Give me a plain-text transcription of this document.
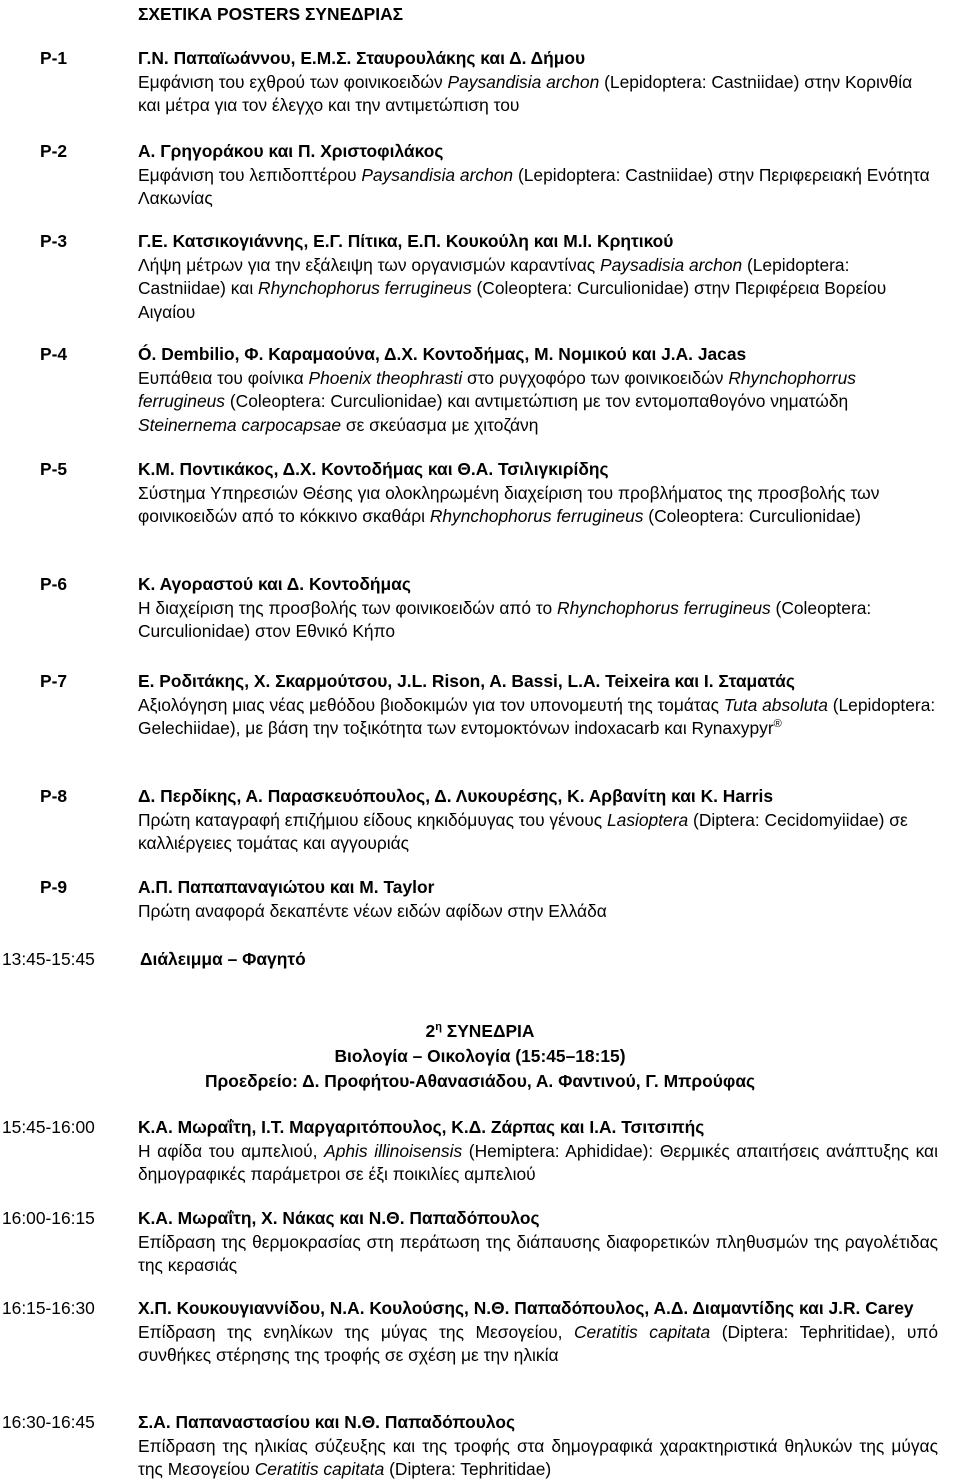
ΣΧΕΤΙΚΑ POSTERS ΣΥΝΕΔΡΙΑΣ
P-1	Γ.Ν. Παπαϊωάννου, Ε.Μ.Σ. Σταυρουλάκης και Δ. Δήμου
Εμφάνιση του εχθρού των φοινικοειδών Paysandisia archon (Lepidoptera: Castniidae) στην Κορινθία και μέτρα για τον έλεγχο και την αντιμετώπιση του
P-2	Α. Γρηγοράκου και Π. Χριστοφιλάκος
Εμφάνιση του λεπιδοπτέρου Paysandisia archon (Lepidoptera: Castniidae) στην Περιφερειακή Ενότητα Λακωνίας
P-3	Γ.Ε. Κατσικογιάννης, Ε.Γ. Πίτικα, Ε.Π. Κουκούλη και Μ.Ι. Κρητικού
Λήψη μέτρων για την εξάλειψη των οργανισμών καραντίνας Paysadisia archon (Lepidoptera: Castniidae) και Rhynchophorus ferrugineus (Coleoptera: Curculionidae) στην Περιφέρεια Βορείου Αιγαίου
P-4	Ó. Dembilio, Φ. Καραμαούνα, Δ.Χ. Κοντοδήμας, Μ. Νομικού και J.A. Jacas
Ευπάθεια του φοίνικα Phoenix theophrasti στο ρυγχοφόρο των φοινικοειδών Rhynchophorrus ferrugineus (Coleoptera: Curculionidae) και αντιμετώπιση με τον εντομοπαθογόνο νηματώδη Steinernema carpocapsae σε σκεύασμα με χιτοζάνη
P-5	Κ.Μ. Ποντικάκος, Δ.Χ. Κοντοδήμας και Θ.Α. Τσιλιγκιρίδης
Σύστημα Υπηρεσιών Θέσης για ολοκληρωμένη διαχείριση του προβλήματος της προσβολής των φοινικοειδών από το κόκκινο σκαθάρι Rhynchophorus ferrugineus (Coleoptera: Curculionidae)
P-6	Κ. Αγοραστού και Δ. Κοντοδήμας
Η διαχείριση της προσβολής των φοινικοειδών από το Rhynchophorus ferrugineus (Coleoptera: Curculionidae) στον Εθνικό Κήπο
P-7	Ε. Ροδιτάκης, Χ. Σκαρμούτσου, J.L. Rison, A. Bassi, L.A. Teixeira και Ι. Σταματάς
Αξιολόγηση μιας νέας μεθόδου βιοδοκιμών για τον υπονομευτή της τομάτας Tuta absoluta (Lepidoptera: Gelechiidae), με βάση την τοξικότητα των εντομοκτόνων indoxacarb και Rynaxypyr®
P-8	Δ. Περδίκης, Α. Παρασκευόπουλος, Δ. Λυκουρέσης, Κ. Αρβανίτη και K. Harris
Πρώτη καταγραφή επιζήμιου είδους κηκιδόμυγας του γένους Lasioptera (Diptera: Cecidomyiidae) σε καλλιέργειες τομάτας και αγγουριάς
P-9	Α.Π. Παπαπαναγιώτου και M. Taylor
Πρώτη αναφορά δεκαπέντε νέων ειδών αφίδων στην Ελλάδα
13:45-15:45	Διάλειμμα – Φαγητό
$2^\eta$ ΣΥΝΕΔΡΙΑ
Βιολογία – Οικολογία (15:45–18:15)
Προεδρείο: Δ. Προφήτου-Αθανασιάδου, Α. Φαντινού, Γ. Μπρούφας
15:45-16:00 Κ.Α. Μωραΐτη, Ι.Τ. Μαργαριτόπουλος, Κ.Δ. Ζάρπας και Ι.Α. Τσιτσιπής
Η αφίδα του αμπελιού, Aphis illinoisensis (Hemiptera: Aphididae): Θερμικές απαιτήσεις ανάπτυξης και δημογραφικές παράμετροι σε έξι ποικιλίες αμπελιού
16:00-16:15 Κ.Α. Μωραΐτη, Χ. Νάκας και Ν.Θ. Παπαδόπουλος
Επίδραση της θερμοκρασίας στη περάτωση της διάπαυσης διαφορετικών πληθυσμών της ραγολέτιδας της κερασιάς
16:15-16:30 Χ.Π. Κουκουγιαννίδου, Ν.Α. Κουλούσης, Ν.Θ. Παπαδόπουλος, Α.Δ. Διαμαντίδης και J.R. Carey
Επίδραση της ενηλίκων της μύγας της Μεσογείου, Ceratitis capitata (Diptera: Tephritidae), υπό συνθήκες στέρησης της τροφής σε σχέση με την ηλικία
16:30-16:45 Σ.Α. Παπαναστασίου και Ν.Θ. Παπαδόπουλος
Επίδραση της ηλικίας σύζευξης και της τροφής στα δημογραφικά χαρακτηριστικά θηλυκών της μύγας της Μεσογείου Ceratitis capitata (Diptera: Tephritidae)
